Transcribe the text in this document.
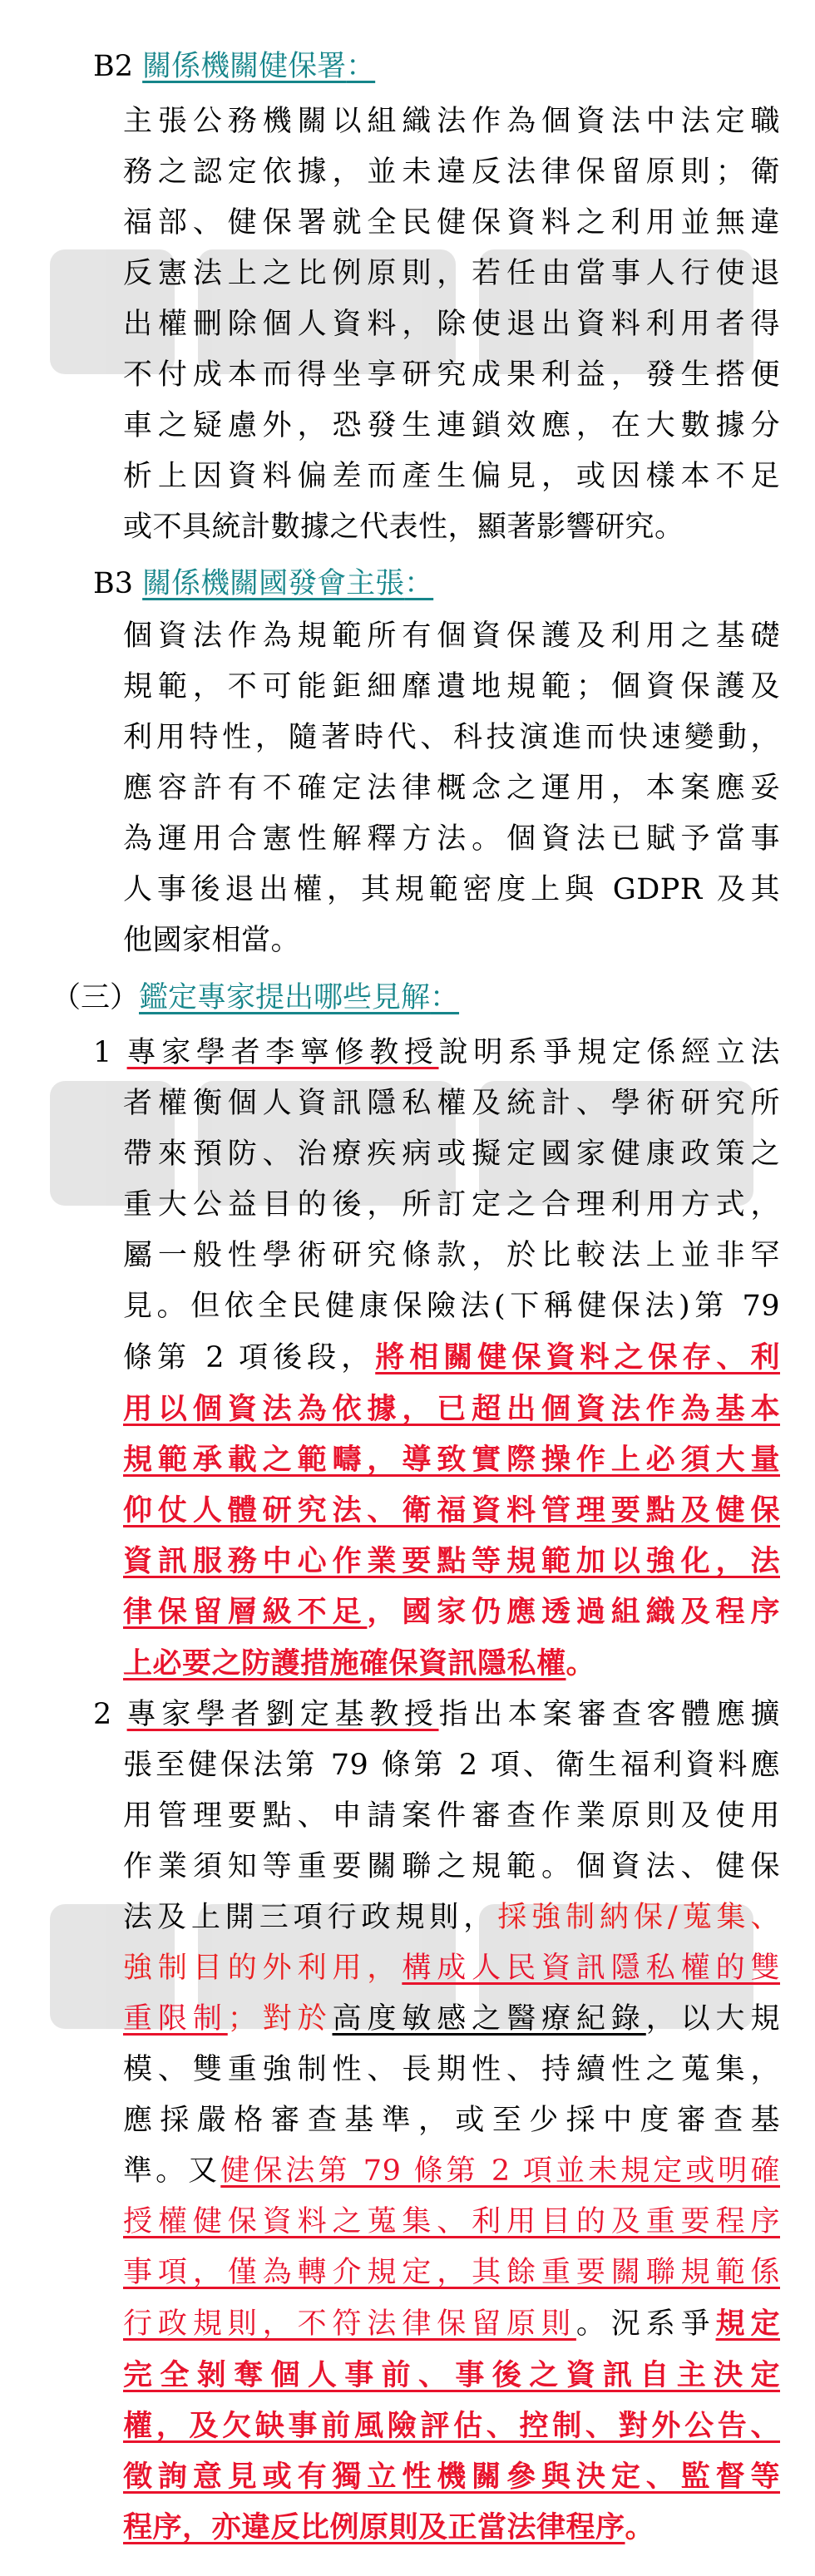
B2 關係機關健保署：
主張公務機關以組織法作為個資法中法定職
務之認定依據，並未違反法律保留原則；衛
福部、健保署就全民健保資料之利用並無違
反憲法上之比例原則，若任由當事人行使退
出權刪除個人資料，除使退出資料利用者得
不付成本而得坐享研究成果利益，發生搭便
車之疑慮外，恐發生連鎖效應，在大數據分
析上因資料偏差而產生偏見，或因樣本不足
或不具統計數據之代表性，顯著影響研究。
B3 關係機關國發會主張：
個資法作為規範所有個資保護及利用之基礎
規範，不可能鉅細靡遺地規範；個資保護及
利用特性，隨著時代、科技演進而快速變動，
應容許有不確定法律概念之運用，本案應妥
為運用合憲性解釋方法。個資法已賦予當事
人事後退出權，其規範密度上與 GDPR 及其
他國家相當。
（三）鑑定專家提出哪些見解：
1 專家學者李寧修教授說明系爭規定係經立法
者權衡個人資訊隱私權及統計、學術研究所
帶來預防、治療疾病或擬定國家健康政策之
重大公益目的後，所訂定之合理利用方式，
屬一般性學術研究條款，於比較法上並非罕
見。但依全民健康保險法(下稱健保法)第 79
條第 2 項後段，將相關健保資料之保存、利
用以個資法為依據，已超出個資法作為基本
規範承載之範疇，導致實際操作上必須大量
仰仗人體研究法、衛福資料管理要點及健保
資訊服務中心作業要點等規範加以強化，法
律保留層級不足，國家仍應透過組織及程序
上必要之防護措施確保資訊隱私權。
2 專家學者劉定基教授指出本案審查客體應擴
張至健保法第 79 條第 2 項、衛生福利資料應
用管理要點、申請案件審查作業原則及使用
作業須知等重要關聯之規範。個資法、健保
法及上開三項行政規則，採強制納保/蒐集、
強制目的外利用，構成人民資訊隱私權的雙
重限制；對於高度敏感之醫療紀錄，以大規
模、雙重強制性、長期性、持續性之蒐集，
應採嚴格審查基準，或至少採中度審查基
準。又健保法第 79 條第 2 項並未規定或明確
授權健保資料之蒐集、利用目的及重要程序
事項，僅為轉介規定，其餘重要關聯規範係
行政規則，不符法律保留原則。況系爭規定
完全剝奪個人事前、事後之資訊自主決定
權，及欠缺事前風險評估、控制、對外公告、
徵詢意見或有獨立性機關參與決定、監督等
程序，亦違反比例原則及正當法律程序。
